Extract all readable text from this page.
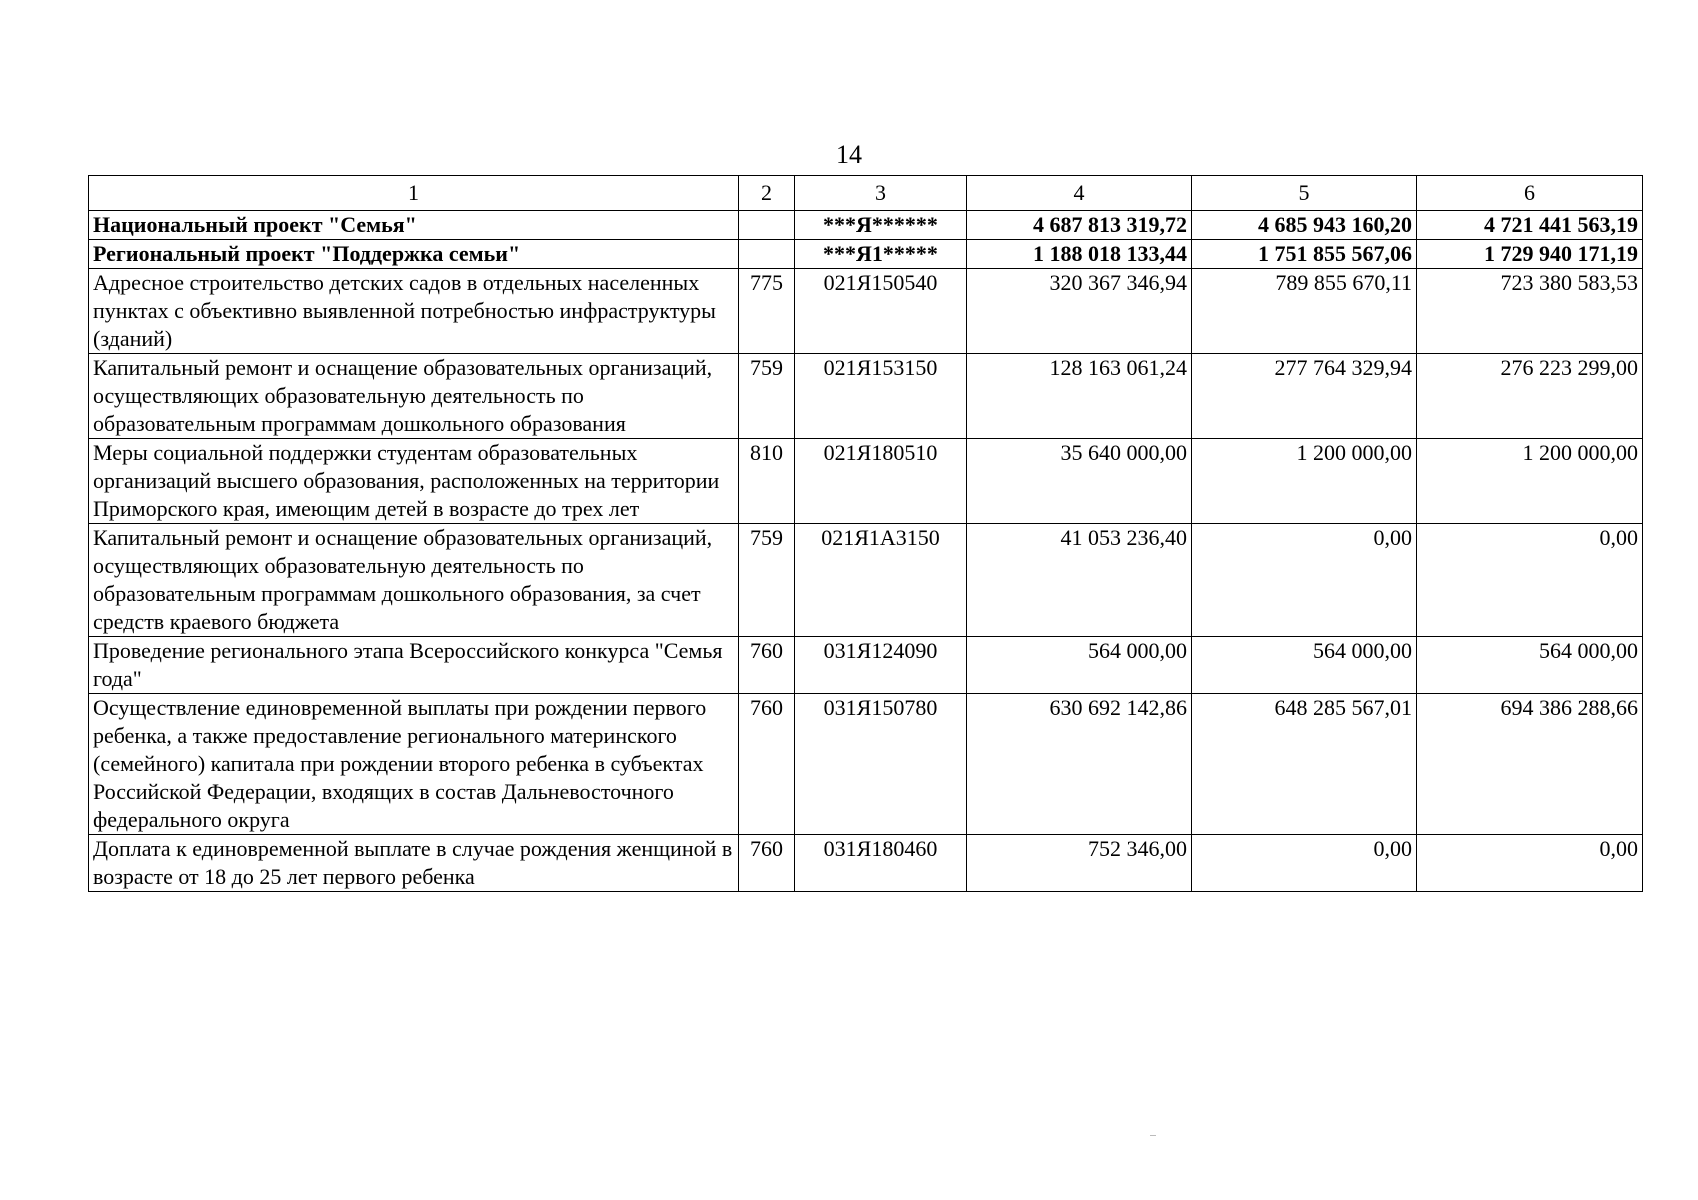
14
1	2	3	4	5	6
Национальный проект "Семья"		***Я******	4 687 813 319,72	4 685 943 160,20	4 721 441 563,19
Региональный проект "Поддержка семьи"		***Я1*****	1 188 018 133,44	1 751 855 567,06	1 729 940 171,19
Адресное строительство детских садов в отдельных населенных пунктах с объективно выявленной потребностью инфраструктуры (зданий)	775	021Я150540	320 367 346,94	789 855 670,11	723 380 583,53
Капитальный ремонт и оснащение образовательных организаций, осуществляющих образовательную деятельность по образовательным программам дошкольного образования	759	021Я153150	128 163 061,24	277 764 329,94	276 223 299,00
Меры социальной поддержки студентам образовательных организаций высшего образования, расположенных на территории Приморского края, имеющим детей в возрасте до трех лет	810	021Я180510	35 640 000,00	1 200 000,00	1 200 000,00
Капитальный ремонт и оснащение образовательных организаций, осуществляющих образовательную деятельность по образовательным программам дошкольного образования, за счет средств краевого бюджета	759	021Я1А3150	41 053 236,40	0,00	0,00
Проведение регионального этапа Всероссийского конкурса "Семья года"	760	031Я124090	564 000,00	564 000,00	564 000,00
Осуществление единовременной выплаты при рождении первого ребенка, а также предоставление регионального материнского (семейного) капитала при рождении второго ребенка в субъектах Российской Федерации, входящих в состав Дальневосточного федерального округа	760	031Я150780	630 692 142,86	648 285 567,01	694 386 288,66
Доплата к единовременной выплате в случае рождения женщиной в возрасте от 18 до 25 лет первого ребенка	760	031Я180460	752 346,00	0,00	0,00
